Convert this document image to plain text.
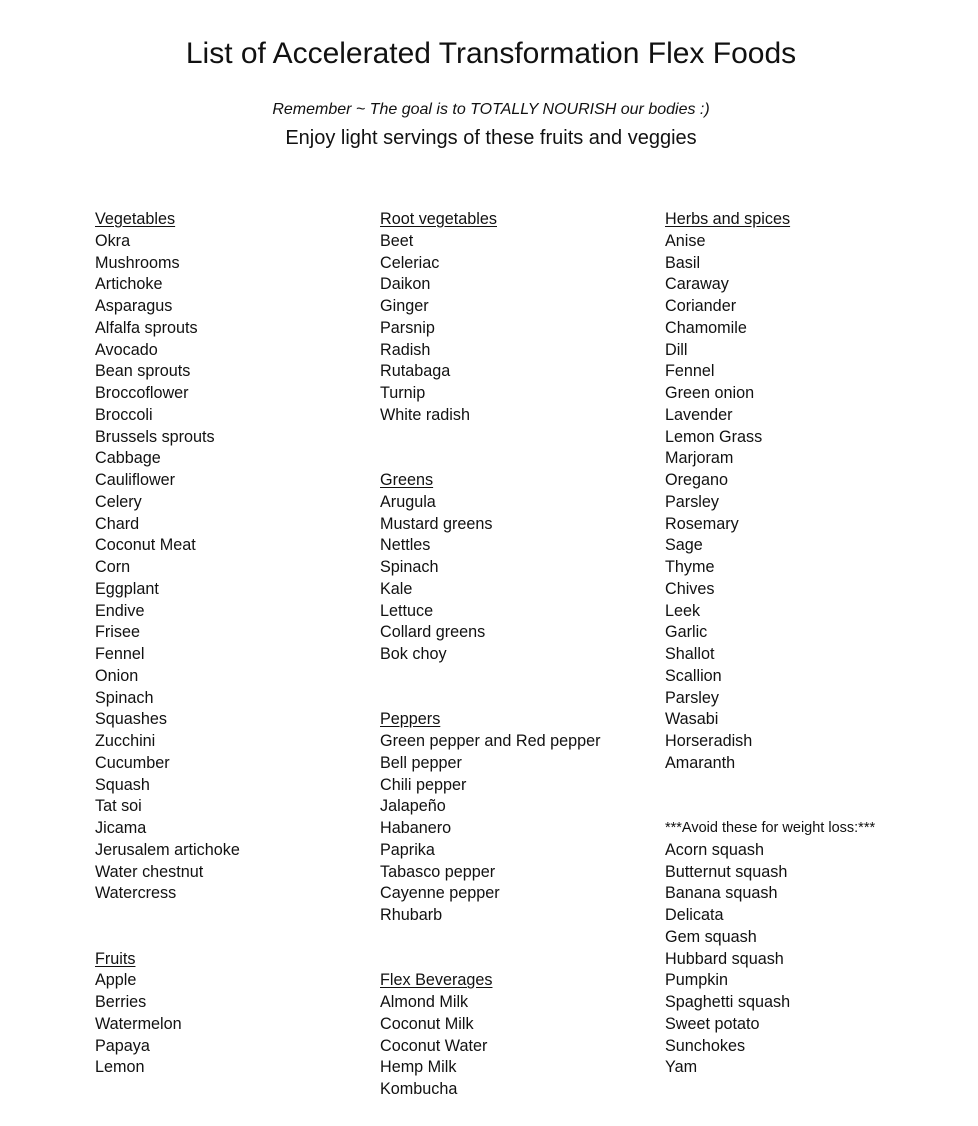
List of Accelerated Transformation Flex Foods
Remember ~ The goal is to TOTALLY NOURISH our bodies :)
Enjoy light servings of these fruits and veggies
Vegetables
Okra
Mushrooms
Artichoke
Asparagus
Alfalfa sprouts
Avocado
Bean sprouts
Broccoflower
Broccoli
Brussels sprouts
Cabbage
Cauliflower
Celery
Chard
Coconut Meat
Corn
Eggplant
Endive
Frisee
Fennel
Onion
Spinach
Squashes
Zucchini
Cucumber
Squash
Tat soi
Jicama
Jerusalem artichoke
Water chestnut
Watercress
Fruits
Apple
Berries
Watermelon
Papaya
Lemon
Root vegetables
Beet
Celeriac
Daikon
Ginger
Parsnip
Radish
Rutabaga
Turnip
White radish
Greens
Arugula
Mustard greens
Nettles
Spinach
Kale
Lettuce
Collard greens
Bok choy
Peppers
Green pepper and Red pepper
Bell pepper
Chili pepper
Jalapeño
Habanero
Paprika
Tabasco pepper
Cayenne pepper
Rhubarb
Flex Beverages
Almond Milk
Coconut Milk
Coconut Water
Hemp Milk
Kombucha
Herbs and spices
Anise
Basil
Caraway
Coriander
Chamomile
Dill
Fennel
Green onion
Lavender
Lemon Grass
Marjoram
Oregano
Parsley
Rosemary
Sage
Thyme
Chives
Leek
Garlic
Shallot
Scallion
Parsley
Wasabi
Horseradish
Amaranth
***Avoid these for weight loss:***
Acorn squash
Butternut squash
Banana squash
Delicata
Gem squash
Hubbard squash
Pumpkin
Spaghetti squash
Sweet potato
Sunchokes
Yam
